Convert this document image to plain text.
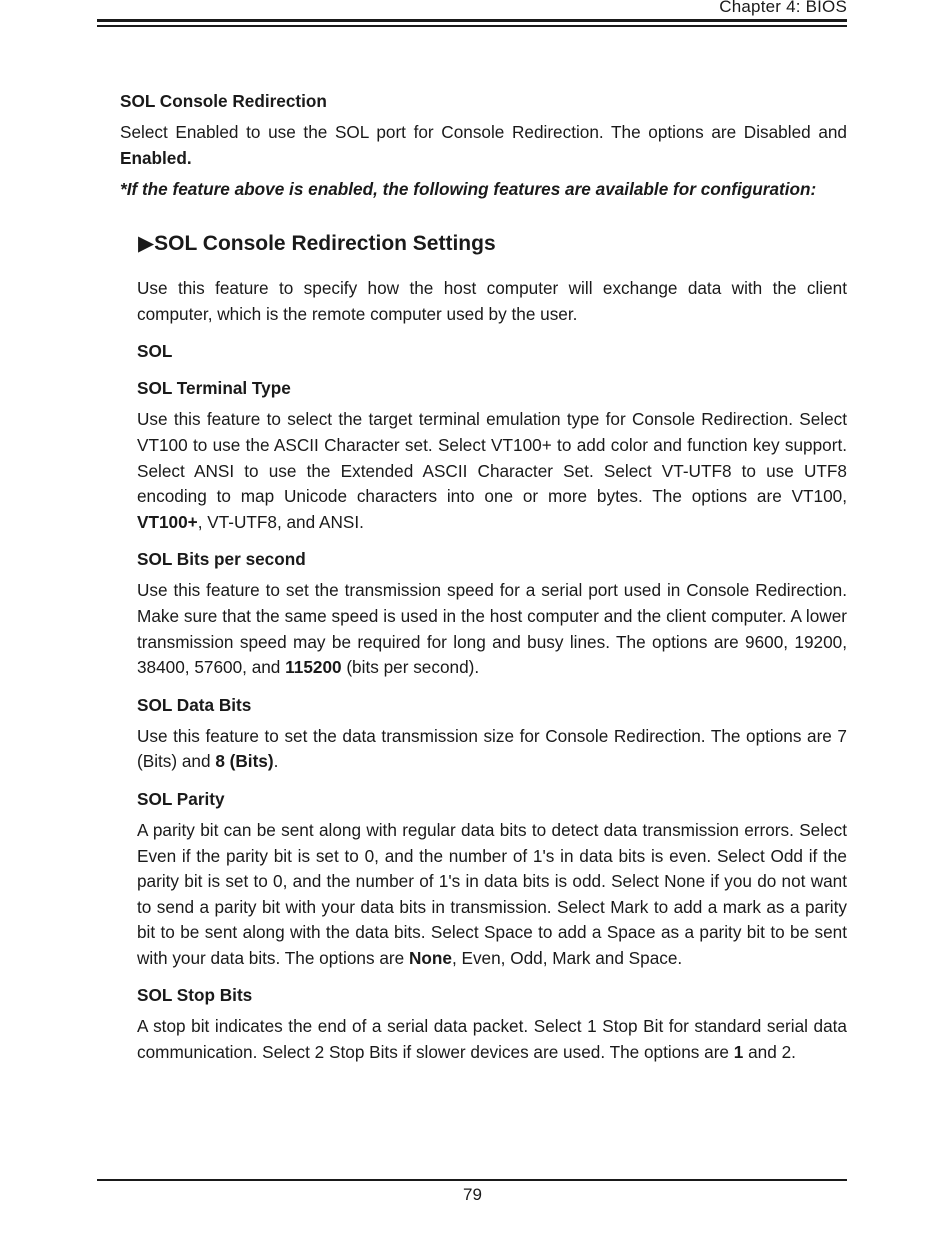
Chapter 4: BIOS

SOL Console Redirection

Select Enabled to use the SOL port for Console Redirection. The options are Disabled and Enabled.

*If the feature above is enabled, the following features are available for configuration:

▶SOL Console Redirection Settings

Use this feature to specify how the host computer will exchange data with the client computer, which is the remote computer used by the user.

SOL

SOL Terminal Type

Use this feature to select the target terminal emulation type for Console Redirection. Select VT100 to use the ASCII Character set. Select VT100+ to add color and function key support. Select ANSI to use the Extended ASCII Character Set. Select VT-UTF8 to use UTF8 encoding to map Unicode characters into one or more bytes. The options are VT100, VT100+, VT-UTF8, and ANSI.

SOL Bits per second

Use this feature to set the transmission speed for a serial port used in Console Redirection. Make sure that the same speed is used in the host computer and the client computer. A lower transmission speed may be required for long and busy lines. The options are 9600, 19200, 38400, 57600, and 115200 (bits per second).

SOL Data Bits

Use this feature to set the data transmission size for Console Redirection. The options are 7 (Bits) and 8 (Bits).

SOL Parity

A parity bit can be sent along with regular data bits to detect data transmission errors. Select Even if the parity bit is set to 0, and the number of 1's in data bits is even. Select Odd if the parity bit is set to 0, and the number of 1's in data bits is odd. Select None if you do not want to send a parity bit with your data bits in transmission. Select Mark to add a mark as a parity bit to be sent along with the data bits. Select Space to add a Space as a parity bit to be sent with your data bits. The options are None, Even, Odd, Mark and Space.

SOL Stop Bits

A stop bit indicates the end of a serial data packet. Select 1 Stop Bit for standard serial data communication. Select 2 Stop Bits if slower devices are used. The options are 1 and 2.

79
